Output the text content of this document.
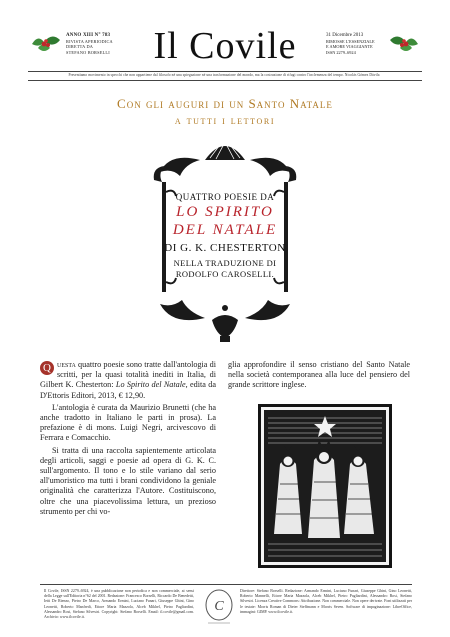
ANNO XIII N° 783
RIVISTA APERIODICA
DIRETTA DA
STEFANO BORSELLI	Il Covile	31 Dicembre 2013
RIMOSSE L'ESSENZIALE
E AMORE VIAGGIANTE
ISSN 2279–6924
Presentiamo movimento in specchi che non appartiene dal filosofo né una spiegazione né una trasformazione del mondo, ma la costruzione di rifugi contro l'inclemenza del tempo. Nicolás Gómez Dávila
Con gli auguri di un Santo Natale
a tutti i lettori
QUATTRO POESIE DA
LO SPIRITO
DEL NATALE
DI G. K. CHESTERTON
NELLA TRADUZIONE DI
RODOLFO CAROSELLI.

Q uesta quattro poesie sono tratte dall'antologia di scritti, per la quasi totalità inediti in Italia, di Gilbert K. Chesterton: Lo Spirito del Natale, edita da D'Ettoris Editori, 2013, € 12,90.

L'antologia è curata da Maurizio Brunetti (che ha anche tradotto in Italiano le parti in prosa). La prefazione è di mons. Luigi Negri, arcivescovo di Ferrara e Comacchio.

Si tratta di una raccolta sapientemente articolata degli articoli, saggi e poesie ad opera di G. K. C. sull'argomento. Il tono e lo stile variano dal serio all'umoristico ma tutti i brani condividono la geniale originalità che caratterizza l'Autore. Costituiscono, oltre che una piacevolissima lettura, un prezioso strumento per chi vo-

glia approfondire il senso cristiano del Santo Natale nella società contemporanea alla luce del pensiero del grande scrittore inglese.

Il Covile, ISSN 2279–6924, è una pubblicazione non periodica e non commerciale, ai sensi della Legge sull'Editoria n°62 del 2001. Redazione: Francesco Borselli, Riccardo De Benedetti, Ietti De Rienzo, Pietro De Marco, Armando Ermini, Luciano Funari, Giuseppe Ghini, Gino Leonetti, Roberto Manfredi, Ettore Maria Mazzola, Alceb Mikhel, Pietro Pagliardini, Alessandro Rosi, Stefano Silvestri. Copyright: Stefano Borselli. Email: il.covile@gmail.com. Archivio: www.ilcovile.it.
C
Direttore: Stefano Borselli. Redazione: Armando Ermini, Luciano Funari, Giuseppe Ghini, Gino Leonetti, Roberto Mannelli, Ettore Maria Mazzola, Alceb Mikhel, Pietro Pagliardini, Alessandro Rosi, Stefano Silvestri. Licenza Creative Commons: Attribuzione. Non commerciale. Non opere derivate. Font utilizzati per le testate: Morris Roman di Dieter Steffmann e Morris Seven. Software di impaginazione: LibreOffice, immagini: GIMP. www.ilcovile.it.
